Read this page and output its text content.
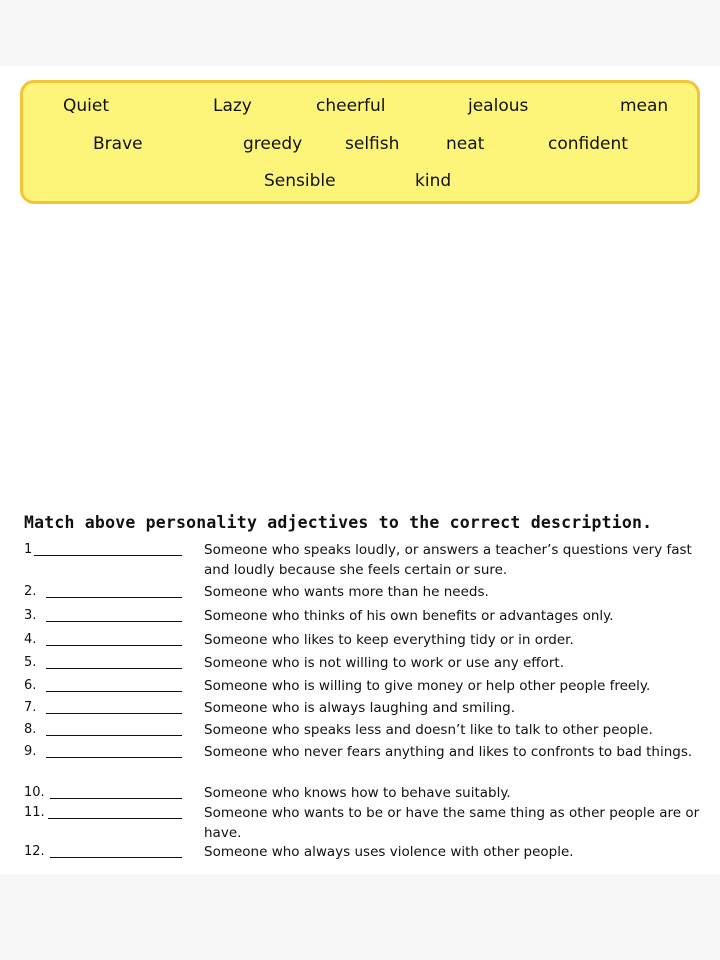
Quiet	Lazy	cheerful	jealous	mean
Brave	greedy	selfish	neat	confident
Sensible	kind
Match above personality adjectives to the correct description.
1	Someone who speaks loudly, or answers a teacher’s questions very fast and loudly because she feels certain or sure.
2.	Someone who wants more than he needs.
3.	Someone who thinks of his own benefits or advantages only.
4.	Someone who likes to keep everything tidy or in order.
5.	Someone who is not willing to work or use any effort.
6.	Someone who is willing to give money or help other people freely.
7.	Someone who is always laughing and smiling.
8.	Someone who speaks less and doesn’t like to talk to other people.
9.	Someone who never fears anything and likes to confronts to bad things.
10.	Someone who knows how to behave suitably.
11.	Someone who wants to be or have the same thing as other people are or have.
12.	Someone who always uses violence with other people.
